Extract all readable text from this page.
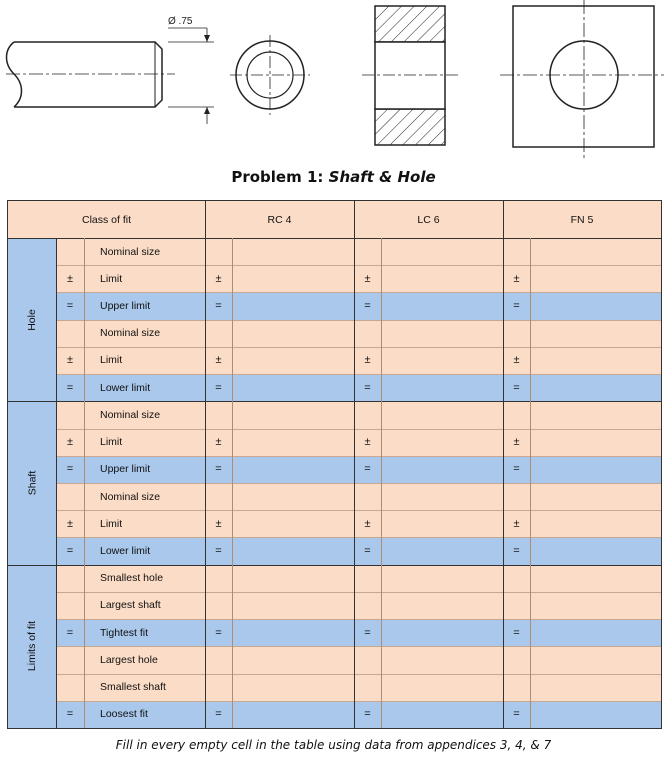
Ø .75
Problem 1: Shaft & Hole
Class of fit	RC 4	LC 6	FN 5
Hole
Nominal size
±	Limit	±	±	±
=	Upper limit	=	=	=
Nominal size
±	Limit	±	±	±
=	Lower limit	=	=	=
Shaft
Nominal size
±	Limit	±	±	±
=	Upper limit	=	=	=
Nominal size
±	Limit	±	±	±
=	Lower limit	=	=	=
Limits of fit
Smallest hole
Largest shaft
=	Tightest fit	=	=	=
Largest hole
Smallest shaft
=	Loosest fit	=	=	=
Fill in every empty cell in the table using data from appendices 3, 4, & 7
